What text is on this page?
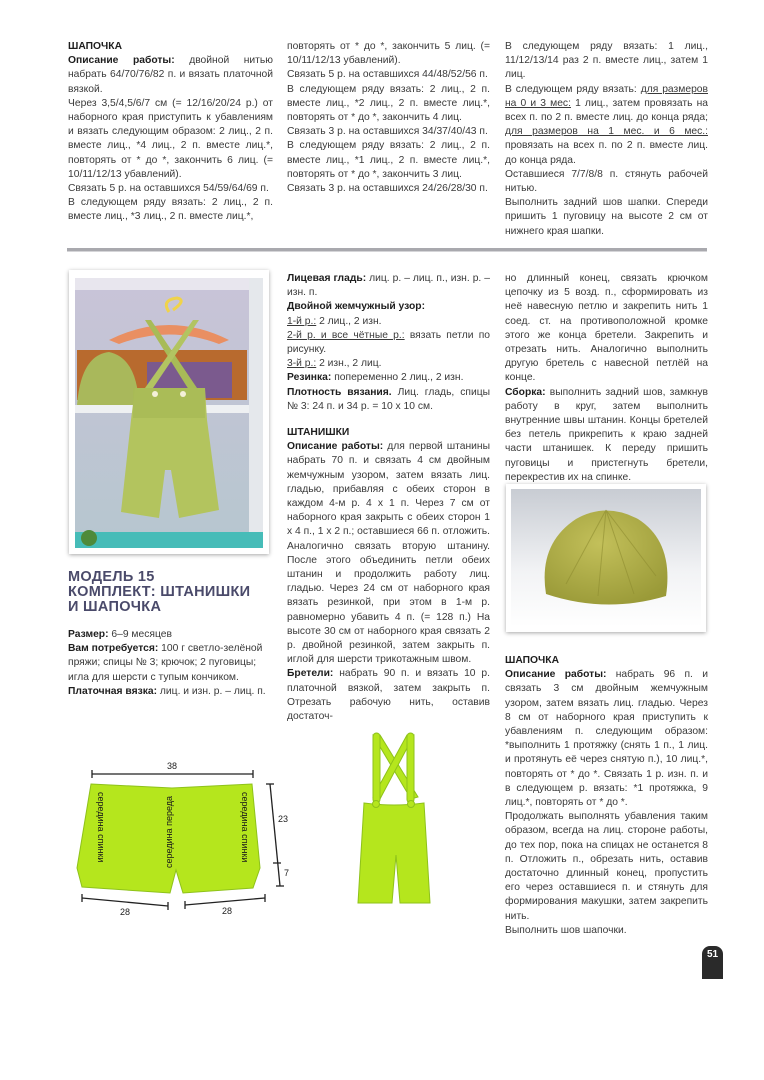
ШАПОЧКА

Описание работы: двойной нитью набрать 64/70/76/82 п. и вязать платочной вязкой.

Через 3,5/4,5/6/7 см (= 12/16/20/24 р.) от наборного края приступить к убавлениям и вязать следующим образом: 2 лиц., 2 п. вместе лиц., *4 лиц., 2 п. вместе лиц.*, повторять от * до *, закончить 6 лиц. (= 10/11/12/13 убавлений).

Связать 5 р. на оставшихся 54/59/64/69 п.

В следующем ряду вязать: 2 лиц., 2 п. вместе лиц., *3 лиц., 2 п. вместе лиц.*,

повторять от * до *, закончить 5 лиц. (= 10/11/12/13 убавлений).

Связать 5 р. на оставшихся 44/48/52/56 п.

В следующем ряду вязать: 2 лиц., 2 п. вместе лиц., *2 лиц., 2 п. вместе лиц.*, повторять от * до *, закончить 4 лиц.

Связать 3 р. на оставшихся 34/37/40/43 п.

В следующем ряду вязать: 2 лиц., 2 п. вместе лиц., *1 лиц., 2 п. вместе лиц.*, повторять от * до *, закончить 3 лиц.

Связать 3 р. на оставшихся 24/26/28/30 п.

В следующем ряду вязать: 1 лиц., 11/12/13/14 раз 2 п. вместе лиц., затем 1 лиц.

В следующем ряду вязать: для размеров на 0 и 3 мес: 1 лиц., затем провязать на всех п. по 2 п. вместе лиц. до конца ряда; для размеров на 1 мес. и 6 мес.: провязать на всех п. по 2 п. вместе лиц. до конца ряда.

Оставшиеся 7/7/8/8 п. стянуть рабочей нитью.

Выполнить задний шов шапки. Спереди пришить 1 пуговицу на высоте 2 см от нижнего края шапки.

МОДЕЛЬ 15
КОМПЛЕКТ: ШТАНИШКИ
И ШАПОЧКА

Размер: 6–9 месяцев

Вам потребуется: 100 г светло-зелёной пряжи; спицы № 3; крючок; 2 пуговицы; игла для шерсти с тупым кончиком.

Платочная вязка: лиц. и изн. р. – лиц. п.

Лицевая гладь: лиц. р. – лиц. п., изн. р. – изн. п.

Двойной жемчужный узор:

1-й р.: 2 лиц., 2 изн.

2-й р. и все чётные р.: вязать петли по рисунку.

3-й р.: 2 изн., 2 лиц.

Резинка: попеременно 2 лиц., 2 изн.

Плотность вязания. Лиц. гладь, спицы № 3: 24 п. и 34 р. = 10 х 10 см.

ШТАНИШКИ

Описание работы: для первой штанины набрать 70 п. и связать 4 см двойным жемчужным узором, затем вязать лиц. гладью, прибавляя с обеих сторон в каждом 4-м р. 4 х 1 п. Через 7 см от наборного края закрыть с обеих сторон 1 х 4 п., 1 х 2 п.; оставшиеся 66 п. отложить.

Аналогично связать вторую штанину. После этого объединить петли обеих штанин и продолжить работу лиц. гладью. Через 24 см от наборного края вязать резинкой, при этом в 1-м р. равномерно убавить 4 п. (= 128 п.) На высоте 30 см от наборного края связать 2 р. двойной резинкой, затем закрыть п. иглой для шерсти трикотажным швом.

Бретели: набрать 90 п. и вязать 10 р. платочной вязкой, затем закрыть п. Отрезать рабочую нить, оставив достаточ-

но длинный конец, связать крючком цепочку из 5 возд. п., сформировать из неё навесную петлю и закрепить нить 1 соед. ст. на противоположной кромке этого же конца бретели. Закрепить и отрезать нить. Аналогично выполнить другую бретель с навесной петлёй на конце.

Сборка: выполнить задний шов, замкнув работу в круг, затем выполнить внутренние швы штанин. Концы бретелей без петель прикрепить к краю задней части штанишек. К переду пришить пуговицы и пристегнуть бретели, перекрестив их на спинке.

ШАПОЧКА

Описание работы: набрать 96 п. и связать 3 см двойным жемчужным узором, затем вязать лиц. гладью. Через 8 см от наборного края приступить к убавлениям п. следующим образом: *выполнить 1 протяжку (снять 1 п., 1 лиц. и протянуть её через снятую п.), 10 лиц.*, повторять от * до *. Связать 1 р. изн. п. и в следующем р. вязать: *1 протяжка, 9 лиц.*, повторять от * до *.

Продолжать выполнять убавления таким образом, всегда на лиц. стороне работы, до тех пор, пока на спицах не останется 8 п. Отложить п., обрезать нить, оставив достаточно длинный конец, пропустить его через оставшиеся п. и стянуть для формирования макушки, затем закрепить нить.

Выполнить шов шапочки.

38
середина спинки	середина переда	середина спинки	23
7
28	28
51
